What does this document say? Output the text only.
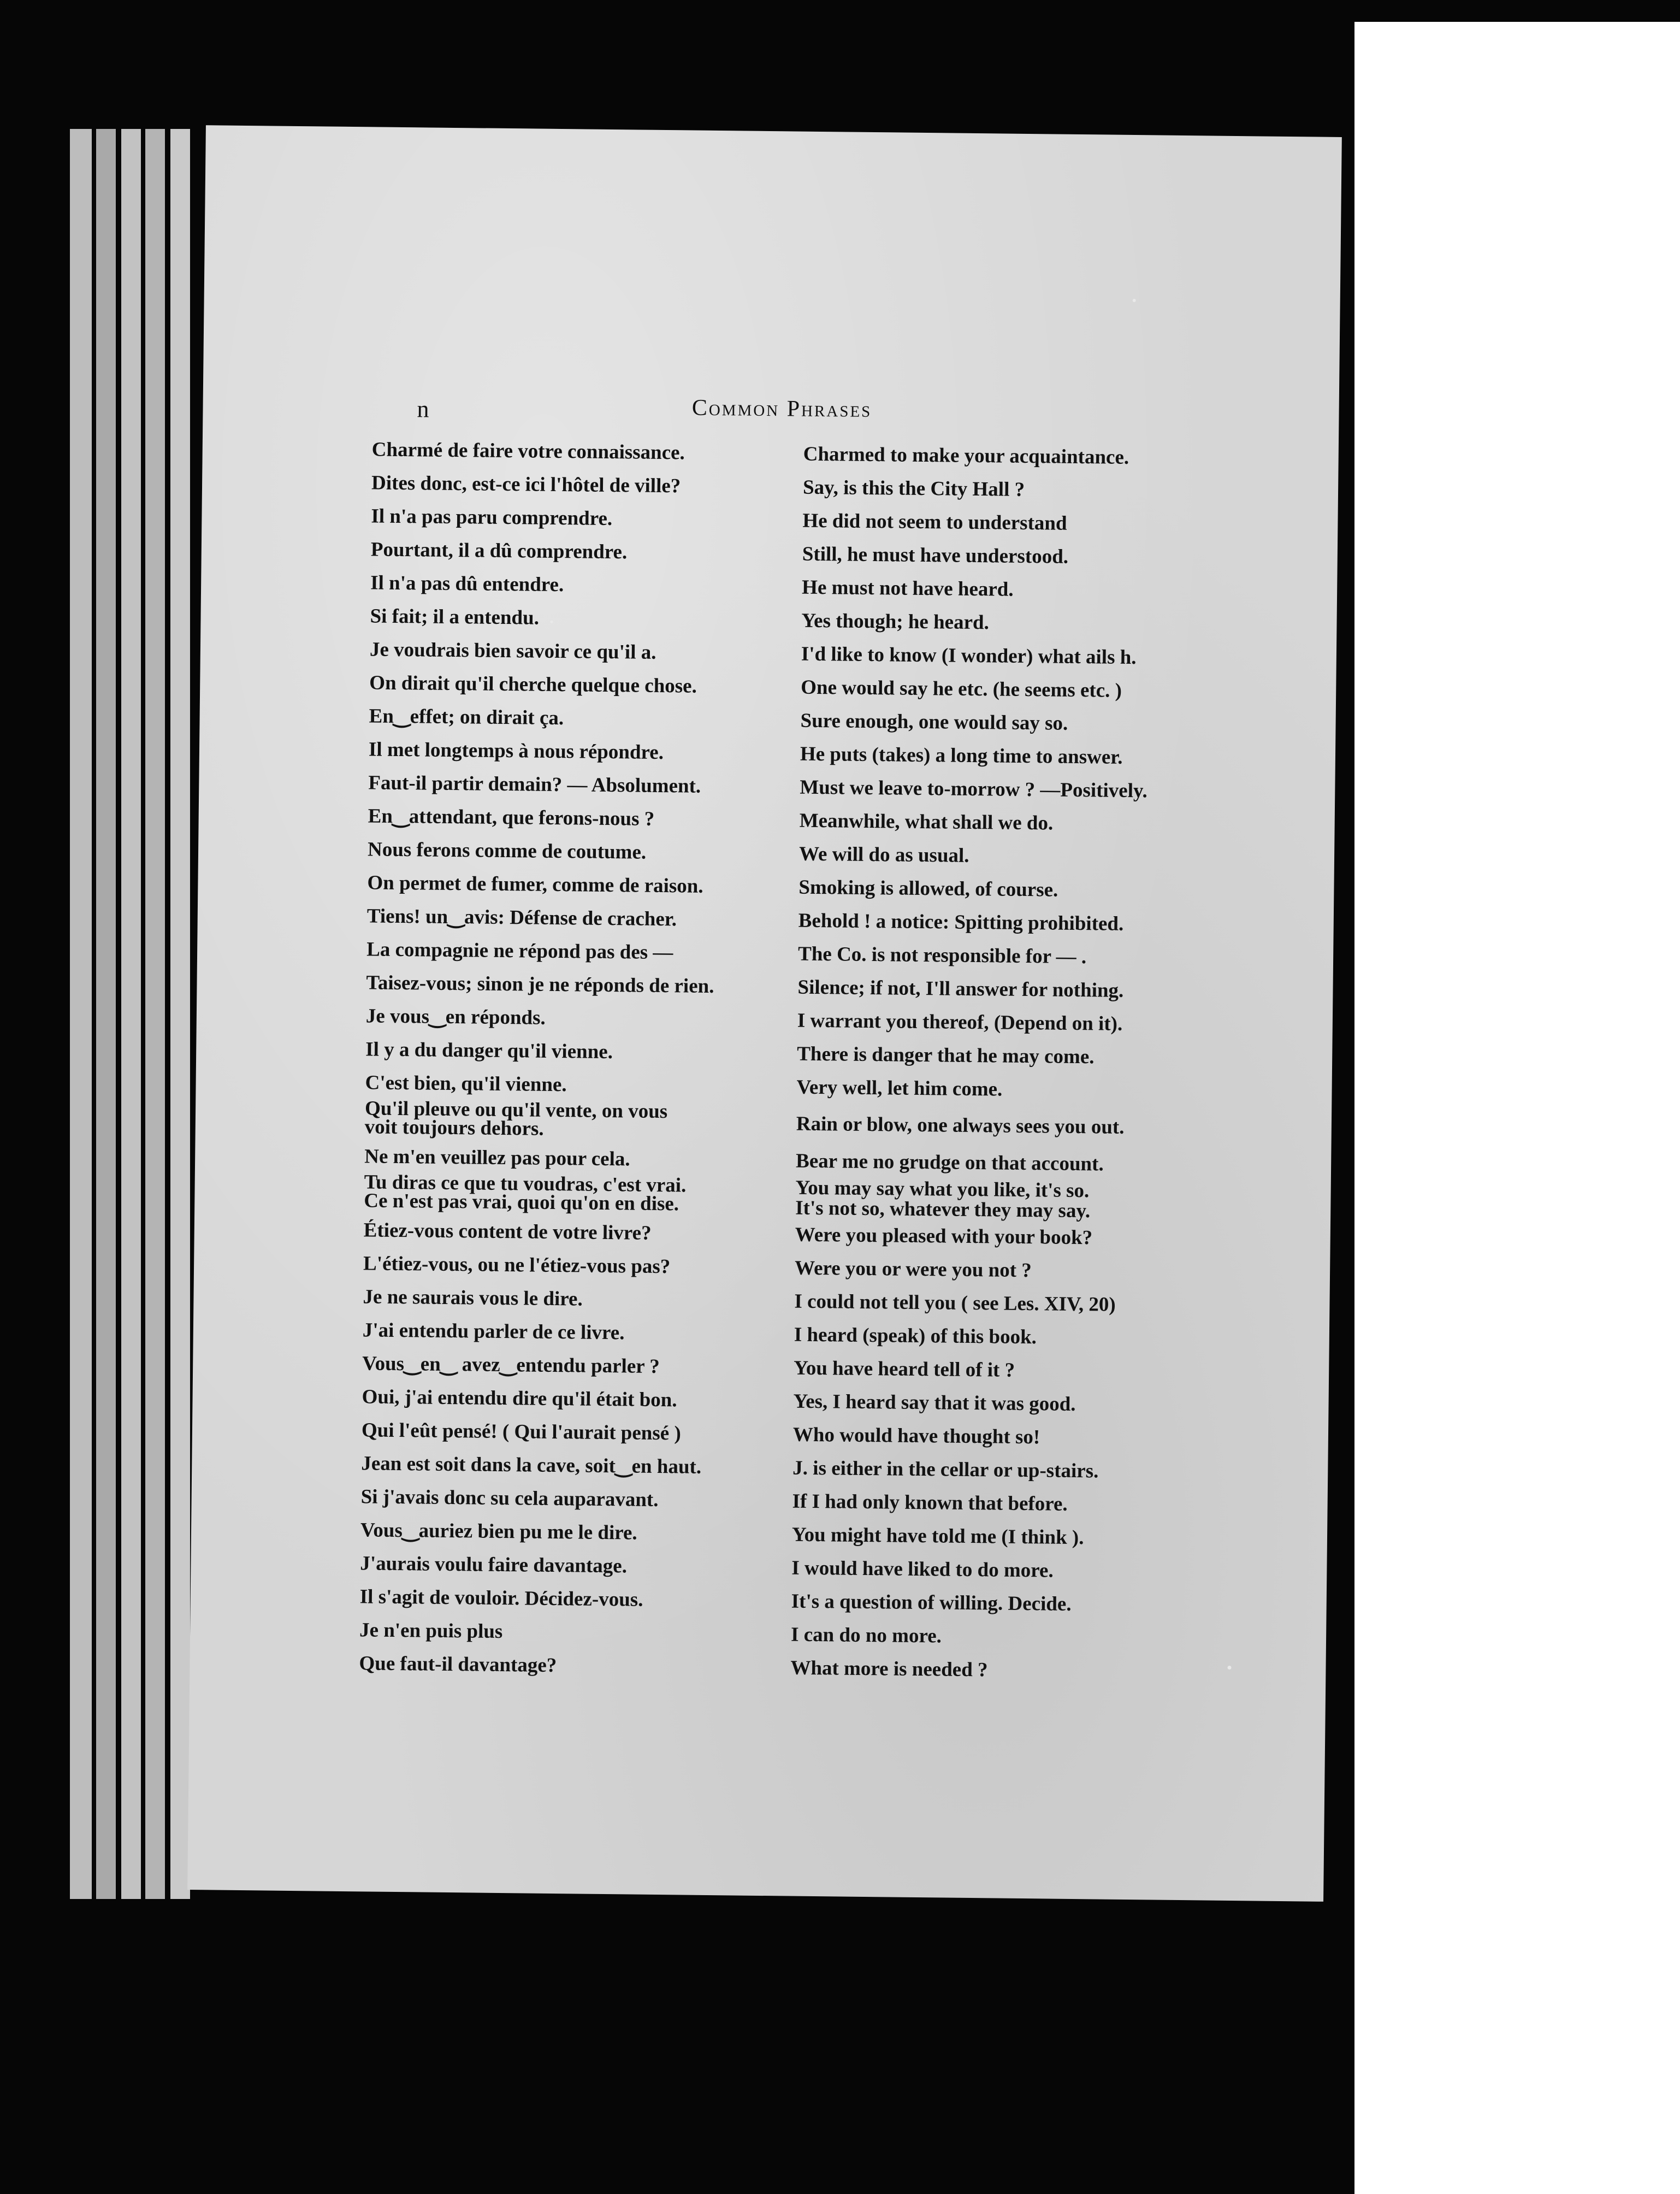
n	Common Phrases
Charmé de faire votre connaissance.
Dites donc, est-ce ici l'hôtel de ville?
Il n'a pas paru comprendre.
Pourtant, il a dû comprendre.
Il n'a pas dû entendre.
Si fait; il a entendu.
Je voudrais bien savoir ce qu'il a.
On dirait qu'il cherche quelque chose.
En‿effet; on dirait ça.
Il met longtemps à nous répondre.
Faut-il partir demain? — Absolument.
En‿attendant, que ferons-nous ?
Nous ferons comme de coutume.
On permet de fumer, comme de raison.
Tiens! un‿avis: Défense de cracher.
La compagnie ne répond pas des —
Taisez-vous; sinon je ne réponds de rien.
Je vous‿en réponds.
Il y a du danger qu'il vienne.
C'est bien, qu'il vienne.
Qu'il pleuve ou qu'il vente, on vous
voit toujours dehors.
Ne m'en veuillez pas pour cela.
Tu diras ce que tu voudras, c'est vrai.
Ce n'est pas vrai, quoi qu'on en dise.
Étiez-vous content de votre livre?
L'étiez-vous, ou ne l'étiez-vous pas?
Je ne saurais vous le dire.
J'ai entendu parler de ce livre.
Vous‿en‿ avez‿entendu parler ?
Oui, j'ai entendu dire qu'il était bon.
Qui l'eût pensé! ( Qui l'aurait pensé )
Jean est soit dans la cave, soit‿en haut.
Si j'avais donc su cela auparavant.
Vous‿auriez bien pu me le dire.
J'aurais voulu faire davantage.
Il s'agit de vouloir. Décidez-vous.
Je n'en puis plus
Que faut-il davantage?
Charmed to make your acquaintance.
Say, is this the City Hall ?
He did not seem to understand
Still, he must have understood.
He must not have heard.
Yes though; he heard.
I'd like to know (I wonder) what ails h.
One would say he etc. (he seems etc. )
Sure enough, one would say so.
He puts (takes) a long time to answer.
Must we leave to-morrow ? —Positively.
Meanwhile, what shall we do.
We will do as usual.
Smoking is allowed, of course.
Behold ! a notice: Spitting prohibited.
The Co. is not responsible for — .
Silence; if not, I'll answer for nothing.
I warrant you thereof, (Depend on it).
There is danger that he may come.
Very well, let him come.
Rain or blow, one always sees you out.
Bear me no grudge on that account.
You may say what you like, it's so.
It's not so, whatever they may say.
Were you pleased with your book?
Were you or were you not ?
I could not tell you ( see Les. XIV, 20)
I heard (speak) of this book.
You have heard tell of it ?
Yes, I heard say that it was good.
Who would have thought so!
J. is either in the cellar or up-stairs.
If I had only known that before.
You might have told me (I think ).
I would have liked to do more.
It's a question of willing. Decide.
I can do no more.
What more is needed ?
